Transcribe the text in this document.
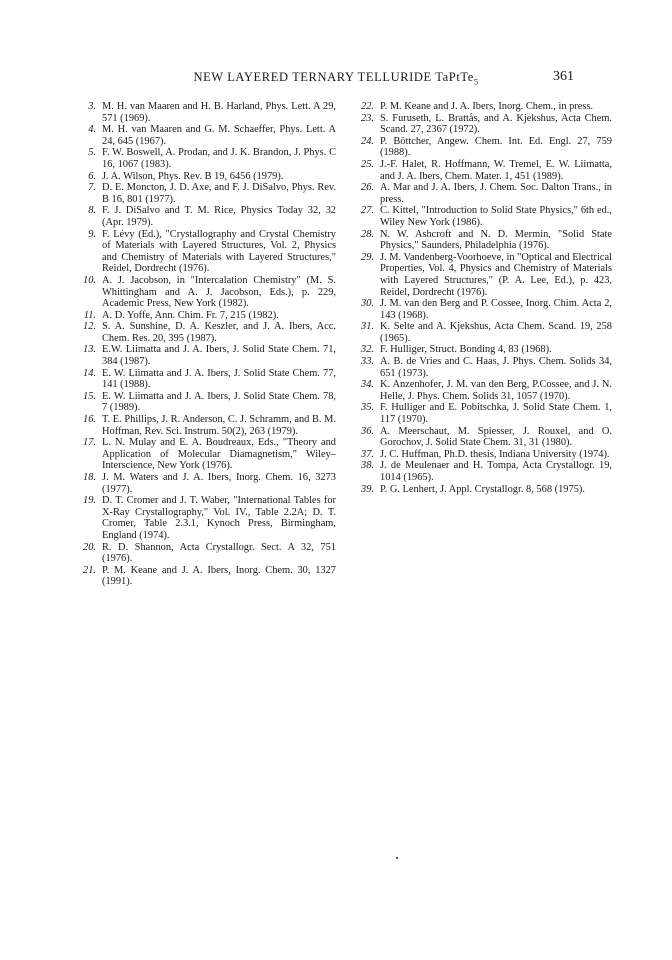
NEW LAYERED TERNARY TELLURIDE TaPtTe$_5$	361
3. M. H. van Maaren and H. B. Harland, Phys. Lett. A 29, 571 (1969).
4. M. H. van Maaren and G. M. Schaeffer, Phys. Lett. A 24, 645 (1967).
5. F. W. Boswell, A. Prodan, and J. K. Brandon, J. Phys. C 16, 1067 (1983).
6. J. A. Wilson, Phys. Rev. B 19, 6456 (1979).
7. D. E. Moncton, J. D. Axe, and F. J. DiSalvo, Phys. Rev. B 16, 801 (1977).
8. F. J. DiSalvo and T. M. Rice, Physics Today 32, 32 (Apr. 1979).
9. F. Lévy (Ed.), "Crystallography and Crystal Chemistry of Materials with Layered Structures, Vol. 2, Physics and Chemistry of Materials with Layered Structures," Reidel, Dordrecht (1976).
10. A. J. Jacobson, in "Intercalation Chemistry" (M. S. Whittingham and A. J. Jacobson, Eds.), p. 229, Academic Press, New York (1982).
11. A. D. Yoffe, Ann. Chim. Fr. 7, 215 (1982).
12. S. A. Sunshine, D. A. Keszler, and J. A. Ibers, Acc. Chem. Res. 20, 395 (1987).
13. E.W. Liimatta and J. A. Ibers, J. Solid State Chem. 71, 384 (1987).
14. E. W. Liimatta and J. A. Ibers, J. Solid State Chem. 77, 141 (1988).
15. E. W. Liimatta and J. A. Ibers, J. Solid State Chem. 78, 7 (1989).
16. T. E. Phillips, J. R. Anderson, C. J. Schramm, and B. M. Hoffman, Rev. Sci. Instrum. 50(2), 263 (1979).
17. L. N. Mulay and E. A. Boudreaux, Eds., "Theory and Application of Molecular Diamagnetism," Wiley–Interscience, New York (1976).
18. J. M. Waters and J. A. Ibers, Inorg. Chem. 16, 3273 (1977).
19. D. T. Cromer and J. T. Waber, "International Tables for X-Ray Crystallography," Vol. IV., Table 2.2A; D. T. Cromer, Table 2.3.1, Kynoch Press, Birmingham, England (1974).
20. R. D. Shannon, Acta Crystallogr. Sect. A 32, 751 (1976).
21. P. M. Keane and J. A. Ibers, Inorg. Chem. 30, 1327 (1991).
22. P. M. Keane and J. A. Ibers, Inorg. Chem., in press.
23. S. Furuseth, L. Brattås, and A. Kjekshus, Acta Chem. Scand. 27, 2367 (1972).
24. P. Böttcher, Angew. Chem. Int. Ed. Engl. 27, 759 (1988).
25. J.-F. Halet, R. Hoffmann, W. Tremel, E. W. Liimatta, and J. A. Ibers, Chem. Mater. 1, 451 (1989).
26. A. Mar and J. A. Ibers, J. Chem. Soc. Dalton Trans., in press.
27. C. Kittel, "Introduction to Solid State Physics," 6th ed., Wiley New York (1986).
28. N. W. Ashcroft and N. D. Mermin, "Solid State Physics," Saunders, Philadelphia (1976).
29. J. M. Vandenberg-Voorhoeve, in "Optical and Electrical Properties, Vol. 4, Physics and Chemistry of Materials with Layered Structures," (P. A. Lee, Ed.), p. 423, Reidel, Dordrecht (1976).
30. J. M. van den Berg and P. Cossee, Inorg. Chim. Acta 2, 143 (1968).
31. K. Selte and A. Kjekshus, Acta Chem. Scand. 19, 258 (1965).
32. F. Hulliger, Struct. Bonding 4, 83 (1968).
33. A. B. de Vries and C. Haas, J. Phys. Chem. Solids 34, 651 (1973).
34. K. Anzenhofer, J. M. van den Berg, P.Cossee, and J. N. Helle, J. Phys. Chem. Solids 31, 1057 (1970).
35. F. Hulliger and E. Pobitschka, J. Solid State Chem. 1, 117 (1970).
36. A. Meerschaut, M. Spiesser, J. Rouxel, and O. Gorochov, J. Solid State Chem. 31, 31 (1980).
37. J. C. Huffman, Ph.D. thesis, Indiana University (1974).
38. J. de Meulenaer and H. Tompa, Acta Crystallogr. 19, 1014 (1965).
39. P. G. Lenhert, J. Appl. Crystallogr. 8, 568 (1975).
